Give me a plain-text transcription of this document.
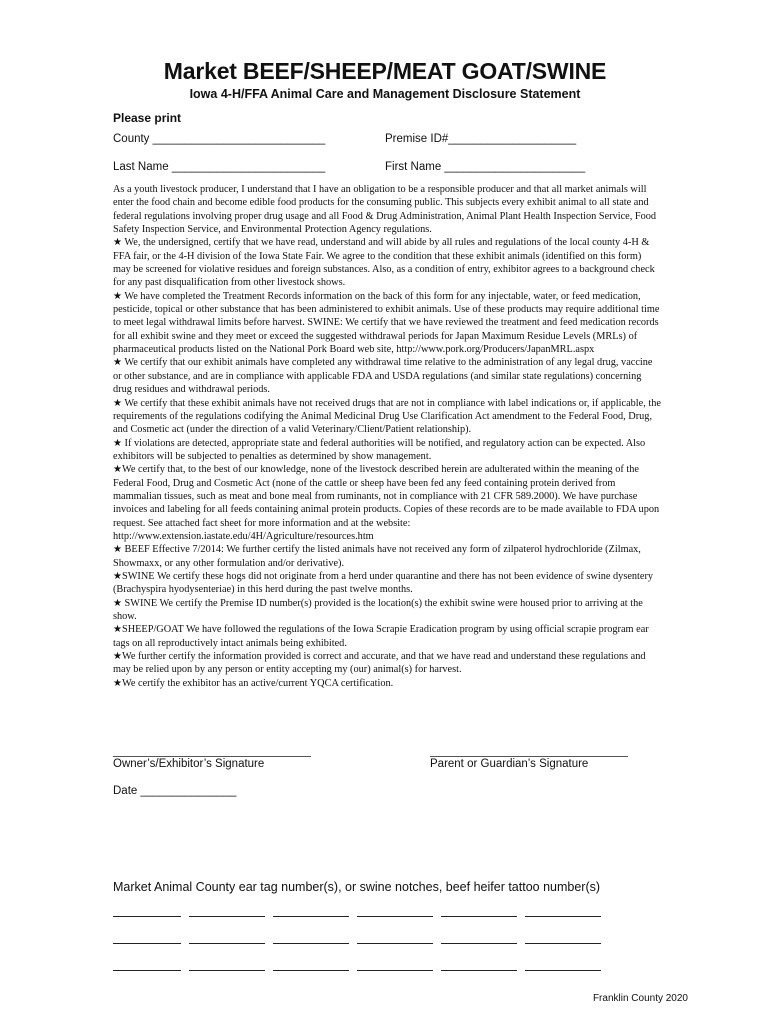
Market BEEF/SHEEP/MEAT GOAT/SWINE
Iowa 4-H/FFA Animal Care and Management Disclosure Statement
Please print
County ___________________________	Premise ID#____________________
Last Name ________________________	First Name ______________________

As a youth livestock producer, I understand that I have an obligation to be a responsible producer and that all market animals will enter the food chain and become edible food products for the consuming public. This subjects every exhibit animal to all state and federal regulations involving proper drug usage and all Food & Drug Administration, Animal Plant Health Inspection Service, Food Safety Inspection Service, and Environmental Protection Agency regulations.

★ We, the undersigned, certify that we have read, understand and will abide by all rules and regulations of the local county 4-H & FFA fair, or the 4-H division of the Iowa State Fair. We agree to the condition that these exhibit animals (identified on this form) may be screened for violative residues and foreign substances. Also, as a condition of entry, exhibitor agrees to a background check for any past disqualification from other livestock shows.

★ We have completed the Treatment Records information on the back of this form for any injectable, water, or feed medication, pesticide, topical or other substance that has been administered to exhibit animals. Use of these products may require additional time to meet legal withdrawal limits before harvest. SWINE: We certify that we have reviewed the treatment and feed medication records for all exhibit swine and they meet or exceed the suggested withdrawal periods for Japan Maximum Residue Levels (MRLs) of pharmaceutical products listed on the National Pork Board web site, http://www.pork.org/Producers/JapanMRL.aspx

★ We certify that our exhibit animals have completed any withdrawal time relative to the administration of any legal drug, vaccine or other substance, and are in compliance with applicable FDA and USDA regulations (and similar state regulations) concerning drug residues and withdrawal periods.

★ We certify that these exhibit animals have not received drugs that are not in compliance with label indications or, if applicable, the requirements of the regulations codifying the Animal Medicinal Drug Use Clarification Act amendment to the Federal Food, Drug, and Cosmetic act (under the direction of a valid Veterinary/Client/Patient relationship).

★ If violations are detected, appropriate state and federal authorities will be notified, and regulatory action can be expected. Also exhibitors will be subjected to penalties as determined by show management.

★We certify that, to the best of our knowledge, none of the livestock described herein are adulterated within the meaning of the Federal Food, Drug and Cosmetic Act (none of the cattle or sheep have been fed any feed containing protein derived from mammalian tissues, such as meat and bone meal from ruminants, not in compliance with 21 CFR 589.2000). We have purchase invoices and labeling for all feeds containing animal protein products. Copies of these records are to be made available to FDA upon request. See attached fact sheet for more information and at the website: http://www.extension.iastate.edu/4H/Agriculture/resources.htm

★ BEEF Effective 7/2014: We further certify the listed animals have not received any form of zilpaterol hydrochloride (Zilmax, Showmaxx, or any other formulation and/or derivative).

★SWINE We certify these hogs did not originate from a herd under quarantine and there has not been evidence of swine dysentery (Brachyspira hyodysenteriae) in this herd during the past twelve months.

★ SWINE We certify the Premise ID number(s) provided is the location(s) the exhibit swine were housed prior to arriving at the show.

★SHEEP/GOAT We have followed the regulations of the Iowa Scrapie Eradication program by using official scrapie program ear tags on all reproductively intact animals being exhibited.

★We further certify the information provided is correct and accurate, and that we have read and understand these regulations and may be relied upon by any person or entity accepting my (our) animal(s) for harvest.

★We certify the exhibitor has an active/current YQCA certification.

Owner’s/Exhibitor’s Signature	Parent or Guardian’s Signature
Date _______________
Market Animal County ear tag number(s), or swine notches, beef heifer tattoo number(s)
Franklin County 2020
